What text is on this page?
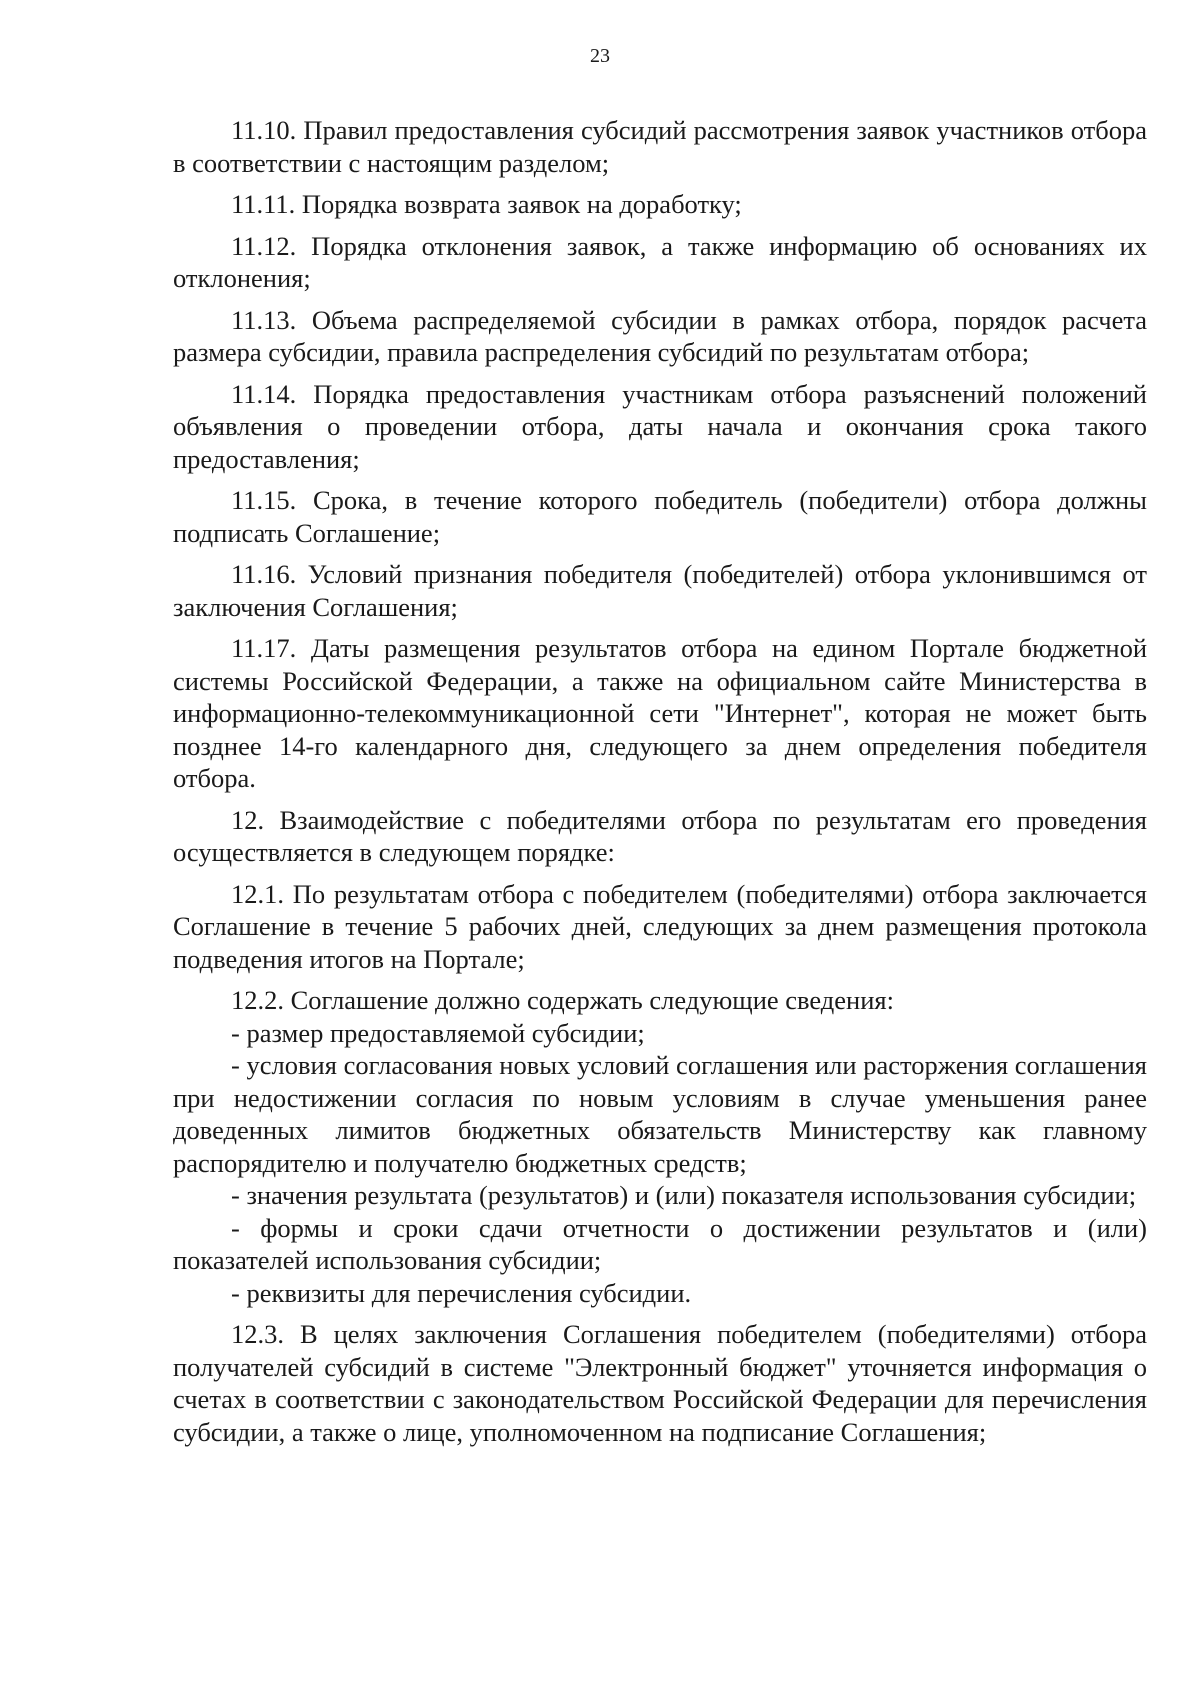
23

11.10. Правил предоставления субсидий рассмотрения заявок участников отбора в соответствии с настоящим разделом;

11.11. Порядка возврата заявок на доработку;

11.12. Порядка отклонения заявок, а также информацию об основаниях их отклонения;

11.13. Объема распределяемой субсидии в рамках отбора, порядок расчета размера субсидии, правила распределения субсидий по результатам отбора;

11.14. Порядка предоставления участникам отбора разъяснений положений объявления о проведении отбора, даты начала и окончания срока такого предоставления;

11.15. Срока, в течение которого победитель (победители) отбора должны подписать Соглашение;

11.16. Условий признания победителя (победителей) отбора уклонившимся от заключения Соглашения;

11.17. Даты размещения результатов отбора на едином Портале бюджетной системы Российской Федерации, а также на официальном сайте Министерства в информационно-телекоммуникационной сети "Интернет", которая не может быть позднее 14-го календарного дня, следующего за днем определения победителя отбора.

12. Взаимодействие с победителями отбора по результатам его проведения осуществляется в следующем порядке:

12.1. По результатам отбора с победителем (победителями) отбора заключается Соглашение в течение 5 рабочих дней, следующих за днем размещения протокола подведения итогов на Портале;

12.2. Соглашение должно содержать следующие сведения:

- размер предоставляемой субсидии;

- условия согласования новых условий соглашения или расторжения соглашения при недостижении согласия по новым условиям в случае уменьшения ранее доведенных лимитов бюджетных обязательств Министерству как главному распорядителю и получателю бюджетных средств;

- значения результата (результатов) и (или) показателя использования субсидии;

- формы и сроки сдачи отчетности о достижении результатов и (или) показателей использования субсидии;

- реквизиты для перечисления субсидии.

12.3. В целях заключения Соглашения победителем (победителями) отбора получателей субсидий в системе "Электронный бюджет" уточняется информация о счетах в соответствии с законодательством Российской Федерации для перечисления субсидии, а также о лице, уполномоченном на подписание Соглашения;
